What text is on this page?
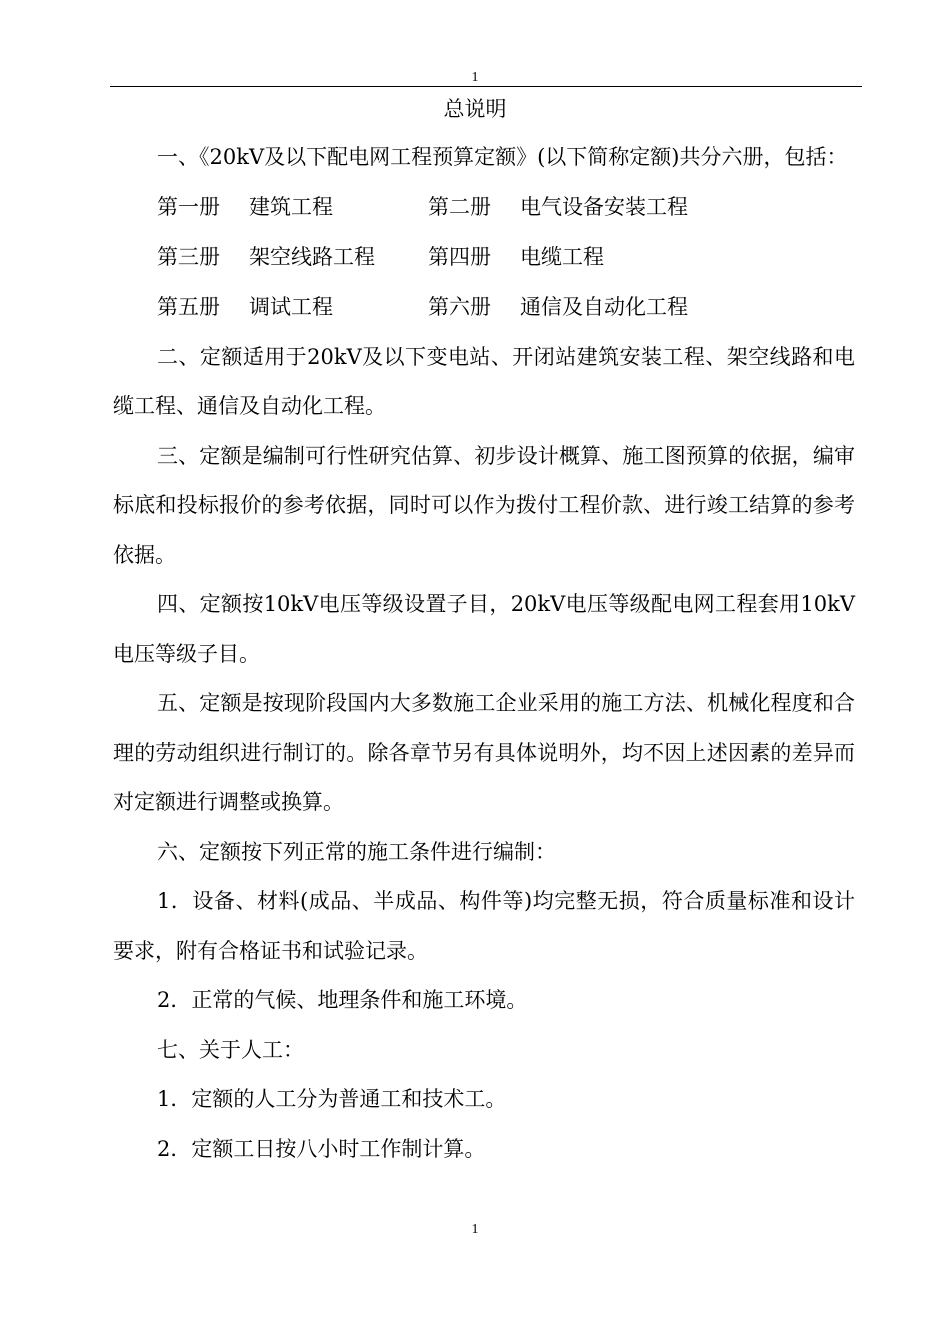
1
总说明

一、《20kV及以下配电网工程预算定额》(以下简称定额)共分六册，包括：

第一册	建筑工程	第二册	电气设备安装工程
第三册	架空线路工程	第四册	电缆工程
第五册	调试工程	第六册	通信及自动化工程

二、定额适用于20kV及以下变电站、开闭站建筑安装工程、架空线路和电缆工程、通信及自动化工程。

三、定额是编制可行性研究估算、初步设计概算、施工图预算的依据，编审标底和投标报价的参考依据，同时可以作为拨付工程价款、进行竣工结算的参考依据。

四、定额按10kV电压等级设置子目，20kV电压等级配电网工程套用10kV电压等级子目。

五、定额是按现阶段国内大多数施工企业采用的施工方法、机械化程度和合理的劳动组织进行制订的。除各章节另有具体说明外，均不因上述因素的差异而对定额进行调整或换算。

六、定额按下列正常的施工条件进行编制：

1．设备、材料(成品、半成品、构件等)均完整无损，符合质量标准和设计要求，附有合格证书和试验记录。

2．正常的气候、地理条件和施工环境。

七、关于人工：

1．定额的人工分为普通工和技术工。

2．定额工日按八小时工作制计算。

1
